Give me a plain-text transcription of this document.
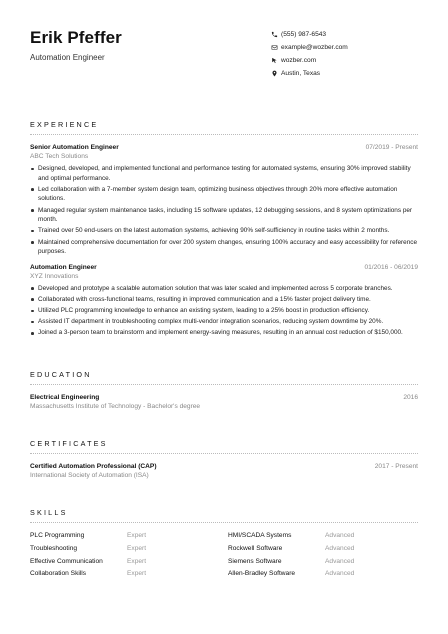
Erik Pfeffer
Automation Engineer
(555) 987-6543
example@wozber.com
wozber.com
Austin, Texas
EXPERIENCE
Senior Automation Engineer	07/2019 - Present
ABC Tech Solutions
Designed, developed, and implemented functional and performance testing for automated systems, ensuring 30% improved stability and optimal performance.
Led collaboration with a 7-member system design team, optimizing business objectives through 20% more effective automation solutions.
Managed regular system maintenance tasks, including 15 software updates, 12 debugging sessions, and 8 system optimizations per month.
Trained over 50 end-users on the latest automation systems, achieving 90% self-sufficiency in routine tasks within 2 months.
Maintained comprehensive documentation for over 200 system changes, ensuring 100% accuracy and easy accessibility for reference purposes.
Automation Engineer	01/2016 - 06/2019
XYZ Innovations
Developed and prototype a scalable automation solution that was later scaled and implemented across 5 corporate branches.
Collaborated with cross-functional teams, resulting in improved communication and a 15% faster project delivery time.
Utilized PLC programming knowledge to enhance an existing system, leading to a 25% boost in production efficiency.
Assisted IT department in troubleshooting complex multi-vendor integration scenarios, reducing system downtime by 20%.
Joined a 3-person team to brainstorm and implement energy-saving measures, resulting in an annual cost reduction of $150,000.
EDUCATION
Electrical Engineering	2016
Massachusetts Institute of Technology - Bachelor's degree
CERTIFICATES
Certified Automation Professional (CAP)	2017 - Present
International Society of Automation (ISA)
SKILLS
PLC Programming	Expert	HMI/SCADA Systems	Advanced
Troubleshooting	Expert	Rockwell Software	Advanced
Effective Communication	Expert	Siemens Software	Advanced
Collaboration Skills	Expert	Allen-Bradley Software	Advanced
